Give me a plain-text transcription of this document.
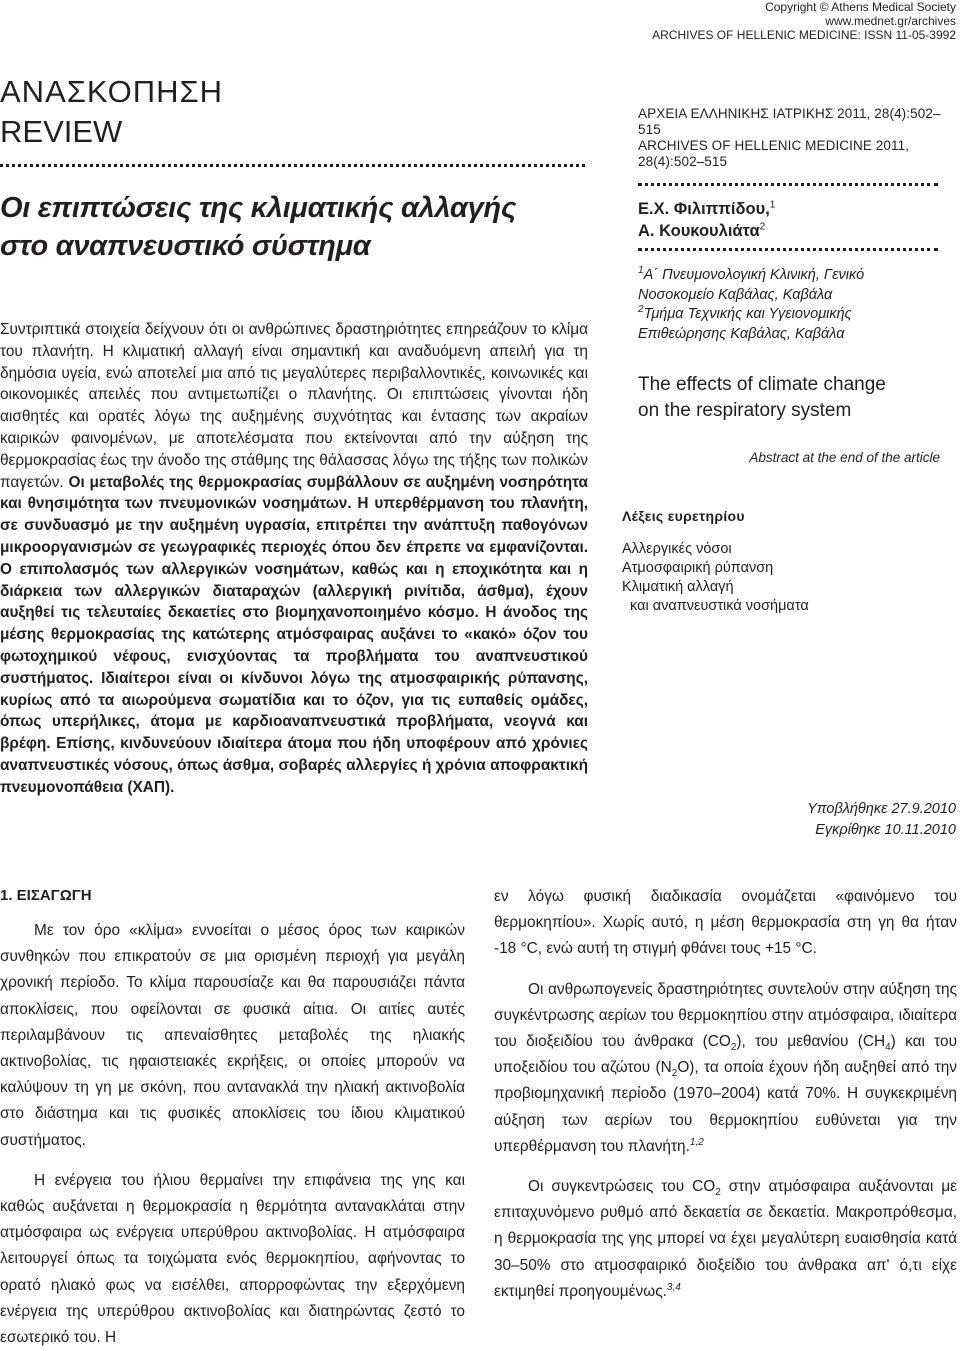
Copyright © Athens Medical Society
www.mednet.gr/archives
ARCHIVES OF HELLENIC MEDICINE: ISSN 11-05-3992
ΑΝΑΣΚΟΠΗΣΗ
REVIEW
Οι επιπτώσεις της κλιματικής αλλαγής
στο αναπνευστικό σύστημα
Συντριπτικά στοιχεία δείχνουν ότι οι ανθρώπινες δραστηριότητες επηρεάζουν το κλίμα του πλανήτη. Η κλιματική αλλαγή είναι σημαντική και αναδυόμενη απειλή για τη δημόσια υγεία, ενώ αποτελεί μια από τις μεγαλύτερες περιβαλλοντικές, κοινωνικές και οικονομικές απειλές που αντιμετωπίζει ο πλανήτης. Οι επιπτώσεις γίνονται ήδη αισθητές και ορατές λόγω της αυξημένης συχνότητας και έντασης των ακραίων καιρικών φαινομένων, με αποτελέσματα που εκτείνονται από την αύξηση της θερμοκρασίας έως την άνοδο της στάθμης της θάλασσας λόγω της τήξης των πολικών παγετών. Οι μεταβολές της θερμοκρασίας συμβάλλουν σε αυξημένη νοσηρότητα και θνησιμότητα των πνευμονικών νοσημάτων. Η υπερθέρμανση του πλανήτη, σε συνδυασμό με την αυξημένη υγρασία, επιτρέπει την ανάπτυξη παθογόνων μικροοργανισμών σε γεωγραφικές περιοχές όπου δεν έπρεπε να εμφανίζονται. Ο επιπολασμός των αλλεργικών νοσημάτων, καθώς και η εποχικότητα και η διάρκεια των αλλεργικών διαταραχών (αλλεργική ρινίτιδα, άσθμα), έχουν αυξηθεί τις τελευταίες δεκαετίες στο βιομηχανοποιημένο κόσμο. Η άνοδος της μέσης θερμοκρασίας της κατώτερης ατμόσφαιρας αυξάνει το «κακό» όζον του φωτοχημικού νέφους, ενισχύοντας τα προβλήματα του αναπνευστικού συστήματος. Ιδιαίτεροι είναι οι κίνδυνοι λόγω της ατμοσφαιρικής ρύπανσης, κυρίως από τα αιωρούμενα σωματίδια και το όζον, για τις ευπαθείς ομάδες, όπως υπερήλικες, άτομα με καρδιοαναπνευστικά προβλήματα, νεογνά και βρέφη. Επίσης, κινδυνεύουν ιδιαίτερα άτομα που ήδη υποφέρουν από χρόνιες αναπνευστικές νόσους, όπως άσθμα, σοβαρές αλλεργίες ή χρόνια αποφρακτική πνευμονοπάθεια (ΧΑΠ).
ΑΡΧΕΙΑ ΕΛΛΗΝΙΚΗΣ ΙΑΤΡΙΚΗΣ 2011, 28(4):502–515
ARCHIVES OF HELLENIC MEDICINE 2011, 28(4):502–515
Ε.Χ. Φιλιππίδου,$^1$
Α. Κουκουλιάτα$^2$
$^1$Α΄ Πνευμονολογική Κλινική, Γενικό
Νοσοκομείο Καβάλας, Καβάλα
$^2$Τμήμα Τεχνικής και Υγειονομικής
Επιθεώρησης Καβάλας, Καβάλα
The effects of climate change
on the respiratory system
Abstract at the end of the article
Λέξεις ευρετηρίου
Αλλεργικές νόσοι
Ατμοσφαιρική ρύπανση
Κλιματική αλλαγή
και αναπνευστικά νοσήματα
Υποβλήθηκε 27.9.2010
Εγκρίθηκε 10.11.2010
1. ΕΙΣΑΓΩΓΗ

Με τον όρο «κλίμα» εννοείται ο μέσος όρος των καιρικών συνθηκών που επικρατούν σε μια ορισμένη περιοχή για μεγάλη χρονική περίοδο. Το κλίμα παρουσίαζε και θα παρουσιάζει πάντα αποκλίσεις, που οφείλονται σε φυσικά αίτια. Οι αιτίες αυτές περιλαμβάνουν τις απεναίσθητες μεταβολές της ηλιακής ακτινοβολίας, τις ηφαιστειακές εκρήξεις, οι οποίες μπορούν να καλύψουν τη γη με σκόνη, που αντανακλά την ηλιακή ακτινοβολία στο διάστημα και τις φυσικές αποκλίσεις του ίδιου κλιματικού συστήματος.

Η ενέργεια του ήλιου θερμαίνει την επιφάνεια της γης και καθώς αυξάνεται η θερμοκρασία η θερμότητα αντανακλάται στην ατμόσφαιρα ως ενέργεια υπερύθρου ακτινοβολίας. Η ατμόσφαιρα λειτουργεί όπως τα τοιχώματα ενός θερμοκηπίου, αφήνοντας το ορατό ηλιακό φως να εισέλθει, απορροφώντας την εξερχόμενη ενέργεια της υπερύθρου ακτινοβολίας και διατηρώντας ζεστό το εσωτερικό του. Η

εν λόγω φυσική διαδικασία ονομάζεται «φαινόμενο του θερμοκηπίου». Χωρίς αυτό, η μέση θερμοκρασία στη γη θα ήταν -18 °C, ενώ αυτή τη στιγμή φθάνει τους +15 °C.

Οι ανθρωπογενείς δραστηριότητες συντελούν στην αύξηση της συγκέντρωσης αερίων του θερμοκηπίου στην ατμόσφαιρα, ιδιαίτερα του διοξειδίου του άνθρακα $(CO_2)$, του μεθανίου $(CH_4)$ και του υποξειδίου του αζώτου $(N_2O)$, τα οποία έχουν ήδη αυξηθεί από την προβιομηχανική περίοδο (1970–2004) κατά 70%. Η συγκεκριμένη αύξηση των αερίων του θερμοκηπίου ευθύνεται για την υπερθέρμανση του πλανήτη.$^{1,2}$

Οι συγκεντρώσεις του $CO_2$ στην ατμόσφαιρα αυξάνονται με επιταχυνόμενο ρυθμό από δεκαετία σε δεκαετία. Μακροπρόθεσμα, η θερμοκρασία της γης μπορεί να έχει μεγαλύτερη ευαισθησία κατά 30–50% στο ατμοσφαιρικό διοξείδιο του άνθρακα απ' ό,τι είχε εκτιμηθεί προηγουμένως.$^{3,4}$
